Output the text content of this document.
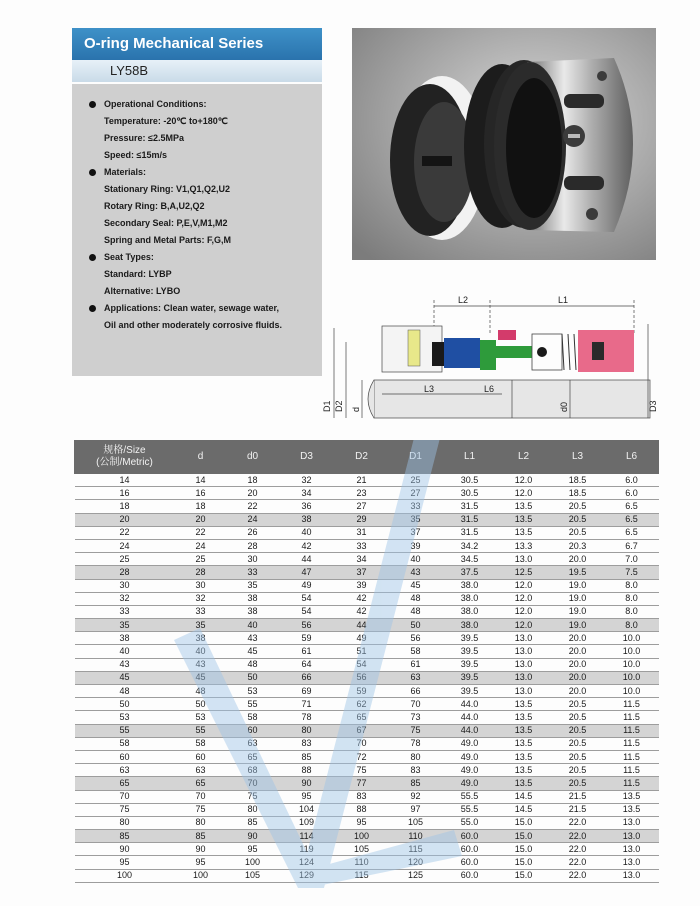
O-ring Mechanical Series
LY58B
Operational Conditions:
Temperature: -20℃ to+180℃
Pressure: ≤2.5MPa
Speed: ≤15m/s
Materials:
Stationary Ring: V1,Q1,Q2,U2
Rotary Ring: B,A,U2,Q2
Secondary Seal: P,E,V,M1,M2
Spring and Metal Parts: F,G,M
Seat Types:
Standard: LYBP
Alternative: LYBO
Applications: Clean water, sewage water,
Oil and other moderately corrosive fluids.
L2	L1
L3	L6
D1 D2 d	d0	D3
规格/Size
(公制/Metric)	d	d0	D3	D2	D1	L1	L2	L3	L6
14	14	18	32	21	25	30.5	12.0	18.5	6.0
16	16	20	34	23	27	30.5	12.0	18.5	6.0
18	18	22	36	27	33	31.5	13.5	20.5	6.5
20	20	24	38	29	35	31.5	13.5	20.5	6.5
22	22	26	40	31	37	31.5	13.5	20.5	6.5
24	24	28	42	33	39	34.2	13.3	20.3	6.7
25	25	30	44	34	40	34.5	13.0	20.0	7.0
28	28	33	47	37	43	37.5	12.5	19.5	7.5
30	30	35	49	39	45	38.0	12.0	19.0	8.0
32	32	38	54	42	48	38.0	12.0	19.0	8.0
33	33	38	54	42	48	38.0	12.0	19.0	8.0
35	35	40	56	44	50	38.0	12.0	19.0	8.0
38	38	43	59	49	56	39.5	13.0	20.0	10.0
40	40	45	61	51	58	39.5	13.0	20.0	10.0
43	43	48	64	54	61	39.5	13.0	20.0	10.0
45	45	50	66	56	63	39.5	13.0	20.0	10.0
48	48	53	69	59	66	39.5	13.0	20.0	10.0
50	50	55	71	62	70	44.0	13.5	20.5	11.5
53	53	58	78	65	73	44.0	13.5	20.5	11.5
55	55	60	80	67	75	44.0	13.5	20.5	11.5
58	58	63	83	70	78	49.0	13.5	20.5	11.5
60	60	65	85	72	80	49.0	13.5	20.5	11.5
63	63	68	88	75	83	49.0	13.5	20.5	11.5
65	65	70	90	77	85	49.0	13.5	20.5	11.5
70	70	75	95	83	92	55.5	14.5	21.5	13.5
75	75	80	104	88	97	55.5	14.5	21.5	13.5
80	80	85	109	95	105	55.0	15.0	22.0	13.0
85	85	90	114	100	110	60.0	15.0	22.0	13.0
90	90	95	119	105	115	60.0	15.0	22.0	13.0
95	95	100	124	110	120	60.0	15.0	22.0	13.0
100	100	105	129	115	125	60.0	15.0	22.0	13.0
